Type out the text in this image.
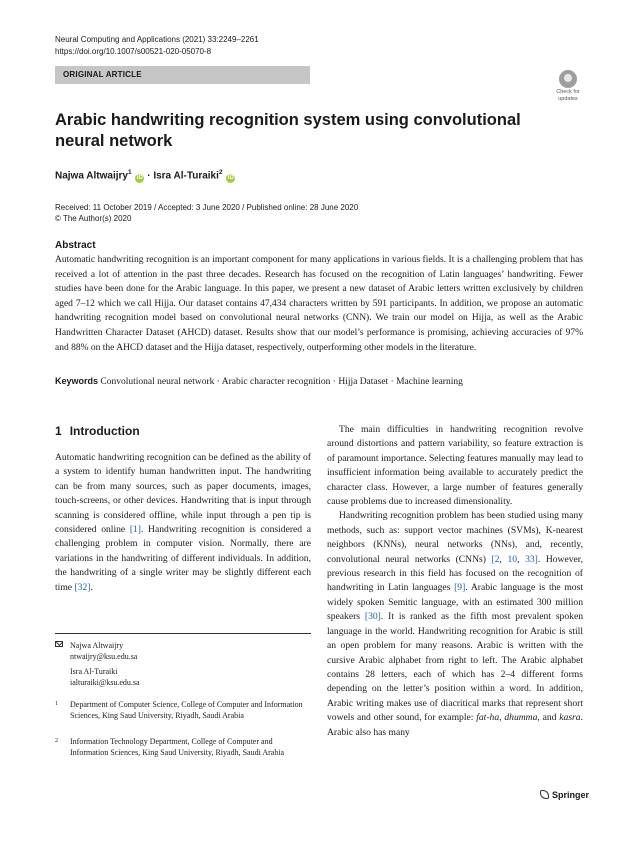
Neural Computing and Applications (2021) 33:2249–2261
https://doi.org/10.1007/s00521-020-05070-8
ORIGINAL ARTICLE
Check for
updates
Arabic handwriting recognition system using convolutional neural network
Najwa Altwaijry$^1$ iD · Isra Al-Turaiki$^2$ iD
Received: 11 October 2019 / Accepted: 3 June 2020 / Published online: 28 June 2020
© The Author(s) 2020
Abstract
Automatic handwriting recognition is an important component for many applications in various fields. It is a challenging problem that has received a lot of attention in the past three decades. Research has focused on the recognition of Latin languages’ handwriting. Fewer studies have been done for the Arabic language. In this paper, we present a new dataset of Arabic letters written exclusively by children aged 7–12 which we call Hijja. Our dataset contains 47,434 characters written by 591 participants. In addition, we propose an automatic handwriting recognition model based on convolutional neural networks (CNN). We train our model on Hijja, as well as the Arabic Handwritten Character Dataset (AHCD) dataset. Results show that our model’s performance is promising, achieving accuracies of 97% and 88% on the AHCD dataset and the Hijja dataset, respectively, outperforming other models in the literature.
Keywords Convolutional neural network · Arabic character recognition · Hijja Dataset · Machine learning
1 Introduction

Automatic handwriting recognition can be defined as the ability of a system to identify human handwritten input. The handwriting can be from many sources, such as paper documents, images, touch-screens, or other devices. Handwriting that is input through scanning is considered offline, while input through a pen tip is considered online [1]. Handwriting recognition is considered a challenging problem in computer vision. Normally, there are variations in the handwriting of different individuals. In addition, the handwriting of a single writer may be slightly different each time [32].

Najwa Altwaijry
ntwaijry@ksu.edu.sa
Isra Al-Turaiki
ialturaiki@ksu.edu.sa
1 Department of Computer Science, College of Computer and Information Sciences, King Saud University, Riyadh, Saudi Arabia
2 Information Technology Department, College of Computer and Information Sciences, King Saud University, Riyadh, Saudi Arabia

The main difficulties in handwriting recognition revolve around distortions and pattern variability, so feature extraction is of paramount importance. Selecting features manually may lead to insufficient information being available to accurately predict the character class. However, a large number of features generally cause problems due to increased dimensionality.

Handwriting recognition problem has been studied using many methods, such as: support vector machines (SVMs), K-nearest neighbors (KNNs), neural networks (NNs), and, recently, convolutional neural networks (CNNs) [2, 10, 33]. However, previous research in this field has focused on the recognition of handwriting in Latin languages [9]. Arabic language is the most widely spoken Semitic language, with an estimated 300 million speakers [30]. It is ranked as the fifth most prevalent spoken language in the world. Handwriting recognition for Arabic is still an open problem for many reasons. Arabic is written with the cursive Arabic alphabet from right to left. The Arabic alphabet contains 28 letters, each of which has 2–4 different forms depending on the letter’s position within a word. In addition, Arabic writing makes use of diacritical marks that represent short vowels and other sound, for example: fat-ha, dhumma, and kasra. Arabic also has many

Springer
